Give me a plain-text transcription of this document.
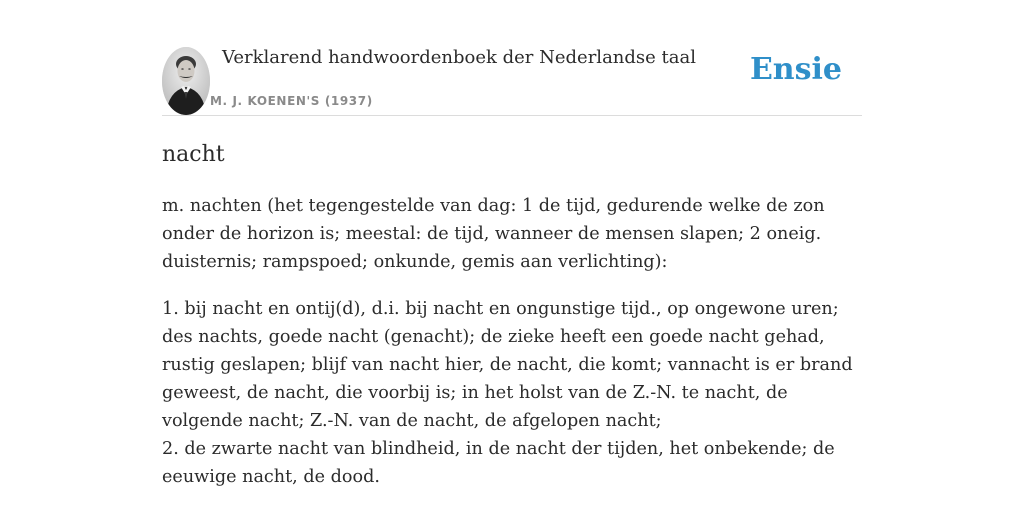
Verklarend handwoordenboek der Nederlandse taal
M. J. KOENEN'S (1937)
Ensie
nacht

m. nachten (het tegengestelde van dag: 1 de tijd, gedurende welke de zon onder de horizon is; meestal: de tijd, wanneer de mensen slapen; 2 oneig. duisternis; rampspoed; onkunde, gemis aan verlichting):

1. bij nacht en ontij(d), d.i. bij nacht en ongunstige tijd., op ongewone uren; des nachts, goede nacht (genacht); de zieke heeft een goede nacht gehad, rustig geslapen; blijf van nacht hier, de nacht, die komt; vannacht is er brand geweest, de nacht, die voorbij is; in het holst van de Z.-N. te nacht, de volgende nacht; Z.-N. van de nacht, de afgelopen nacht;
2. de zwarte nacht van blindheid, in de nacht der tijden, het onbekende; de eeuwige nacht, de dood.
